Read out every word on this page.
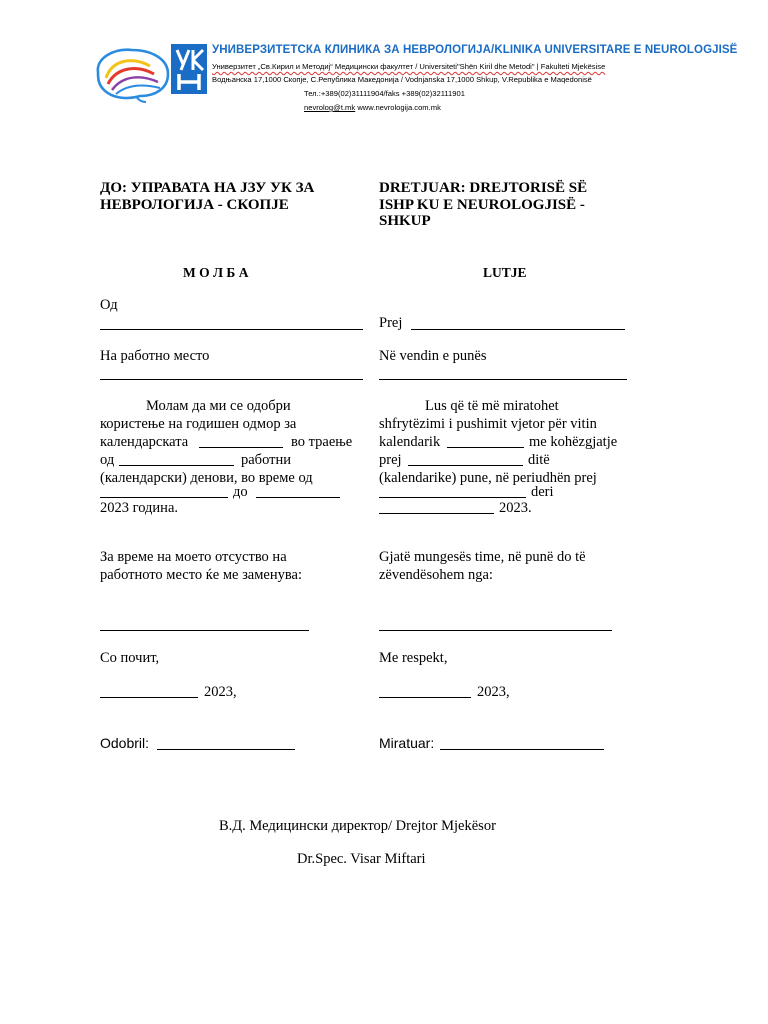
УНИВЕРЗИТЕТСКА КЛИНИКА ЗА НЕВРОЛОГИЈА/KLINIKA UNIVERSITARE E NEUROLOGJISË
Универзитет „Св.Кирил и Методиј“ Медицински факултет / Universiteti"Shën Kiril dhe Metodi" | Fakulteti Mjekësise
Водњанска 17,1000 Скопје, С.Република Македонија / Vodnjanska 17,1000 Shkup, V.Republika e Maqedonisë
Тел.:+389(02)31111904/faks +389(02)32111901
nevrolog@t.mk www.nevrologija.com.mk
ДО: УПРАВАТА НА ЈЗУ УК ЗА
НЕВРОЛОГИЈА - СКОПЈЕ
М О Л Б А
Од
На работно место
Молам да ми се одобри
користење на годишен одмор за
календарската	во траење
од	работни
(календарски) денови, во време од
до
2023 година.
За време на моето отсуство на
работното место ќе ме заменува:
Со почит,
2023,
Odobril:
DRETJUAR: DREJTORISË SË
ISHP KU E NEUROLOGJISË -
SHKUP
LUTJE
Prej
Në vendin e punës
Lus që të më miratohet
shfrytëzimi i pushimit vjetor për vitin
kalendarik	me kohëzgjatje
prej	ditë
(kalendarike) pune, në periudhën prej
deri
2023.
Gjatë mungesës time, në punë do të
zëvendësohem nga:
Me respekt,
2023,
Miratuar:
В.Д. Медицински директор/ Drejtor Mjekësor
Dr.Spec. Visar Miftari
